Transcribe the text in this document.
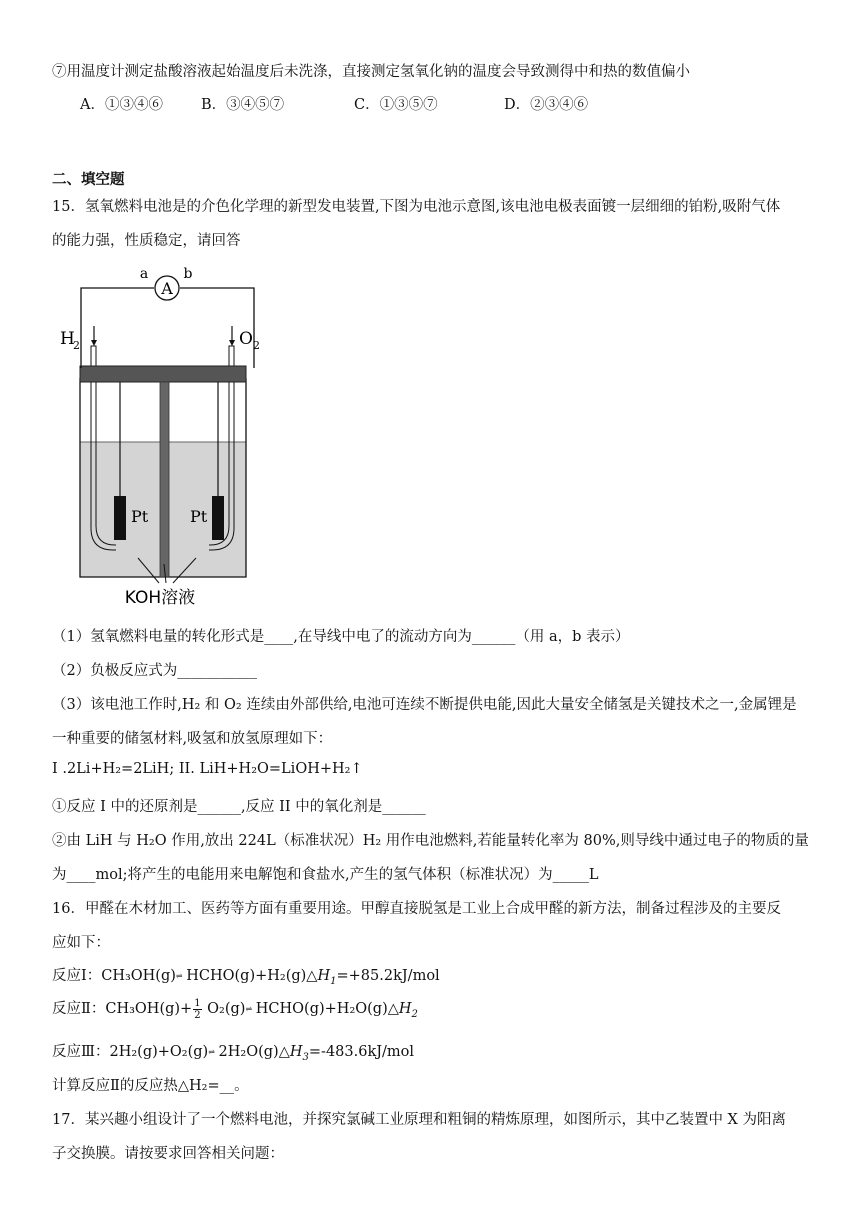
⑦用温度计测定盐酸溶液起始温度后未洗涤，直接测定氢氧化钠的温度会导致测得中和热的数值偏小
A．①③④⑥	B．③④⑤⑦	C．①③⑤⑦	D．②③④⑥
二、填空题
15．氢氧燃料电池是的介色化学理的新型发电装置,下图为电池示意图,该电池电极表面镀一层细细的铂粉,吸附气体
的能力强，性质稳定，请回答
A
a	b
H
2	O 2
Pt	Pt
KOH溶液
（1）氢氧燃料电量的转化形式是____,在导线中电了的流动方向为______（用 a，b 表示）
（2）负极反应式为___________
（3）该电池工作时,H₂ 和 O₂ 连续由外部供给,电池可连续不断提供电能,因此大量安全储氢是关键技术之一,金属锂是
一种重要的储氢材料,吸氢和放氢原理如下：
I .2Li+H₂=2LiH; II. LiH+H₂O=LiOH+H₂↑
①反应 I 中的还原剂是______,反应 II 中的氧化剂是______
②由 LiH 与 H₂O 作用,放出 224L（标准状况）H₂ 用作电池燃料,若能量转化率为 80%,则导线中通过电子的物质的量
为____mol;将产生的电能用来电解饱和食盐水,产生的氢气体积（标准状况）为_____L
16．甲醛在木材加工、医药等方面有重要用途。甲醇直接脱氢是工业上合成甲醛的新方法，制备过程涉及的主要反
应如下：
反应Ⅰ：CH₃OH(g)⇌ $HCHO(g)+H_2(g)\triangle H_1=+85.2kJ$/mol
反应Ⅱ：$CH_3OH(g)+ \frac{1}{2}$ O₂(g)⇌ $HCHO(g)+H_2O(g)\triangle H_2$
反应Ⅲ：2H₂(g)+O₂(g)⇌ $2H_2O(g)\triangle H_3=-483.6kJ$/mol
计算反应Ⅱ的反应热△H₂=__。
17．某兴趣小组设计了一个燃料电池，并探究氯碱工业原理和粗铜的精炼原理，如图所示，其中乙装置中 X 为阳离
子交换膜。请按要求回答相关问题：
